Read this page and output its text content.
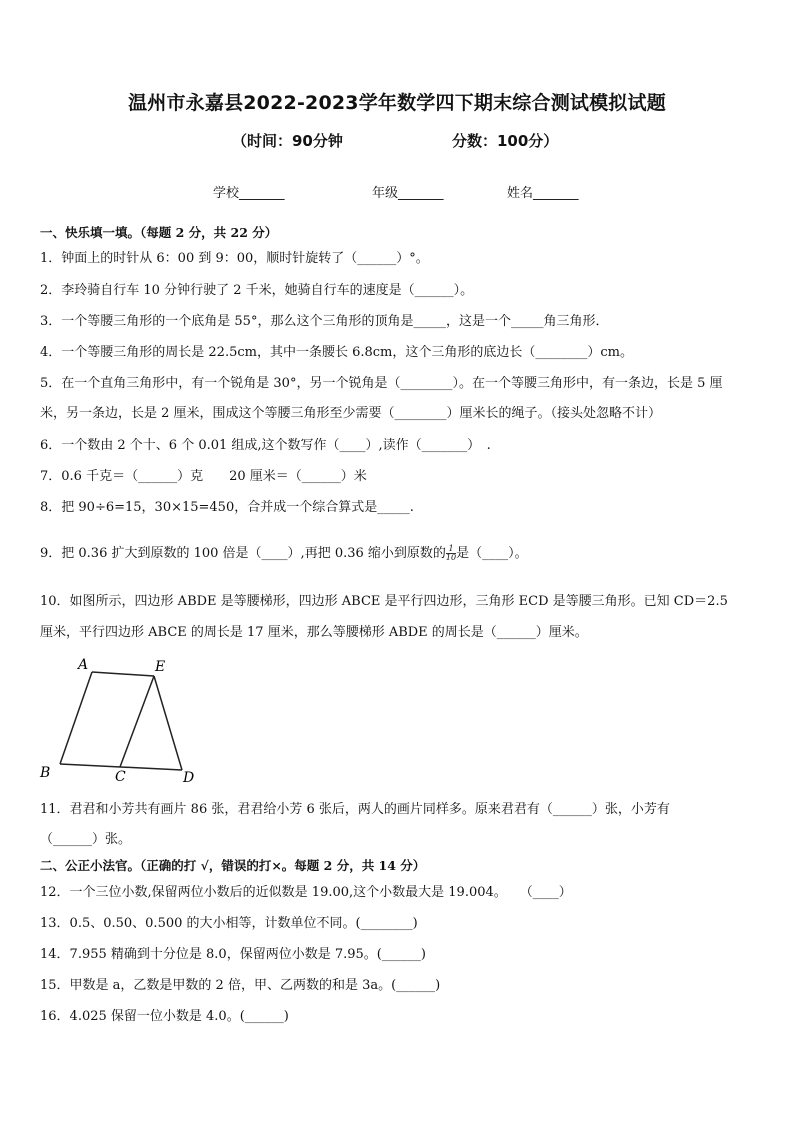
温州市永嘉县2022-2023学年数学四下期末综合测试模拟试题
（时间：90分钟	分数：100分）
学校_______	年级_______	姓名_______
一、快乐填一填。（每题 2 分，共 22 分）
1．钟面上的时针从 6：00 到 9：00，顺时针旋转了（______）°。
2．李玲骑自行车 10 分钟行驶了 2 千米，她骑自行车的速度是（______）。
3．一个等腰三角形的一个底角是 55°，那么这个三角形的顶角是_____，这是一个_____角三角形．
4．一个等腰三角形的周长是 22.5cm，其中一条腰长 6.8cm，这个三角形的底边长（________）cm。
5．在一个直角三角形中，有一个锐角是 30°，另一个锐角是（________）。在一个等腰三角形中，有一条边，长是 5 厘
米，另一条边，长是 2 厘米，围成这个等腰三角形至少需要（________）厘米长的绳子。（接头处忽略不计）
6．一个数由 2 个十、6 个 0.01 组成,这个数写作（____）,读作（_______）　.
7．0.6 千克＝（______）克　　20 厘米＝（______）米
8．把 90÷6=15，30×15=450，合并成一个综合算式是_____.
9．把 0.36 扩大到原数的 100 倍是（____）,再把 0.36 缩小到原数的 $\frac{1}{10}$ 是（____）。
10．如图所示，四边形 ABDE 是等腰梯形，四边形 ABCE 是平行四边形，三角形 ECD 是等腰三角形。已知 CD＝2.5
厘米，平行四边形 ABCE 的周长是 17 厘米，那么等腰梯形 ABDE 的周长是（______）厘米。
A	E
B	C	D
11．君君和小芳共有画片 86 张，君君给小芳 6 张后，两人的画片同样多。原来君君有（______）张，小芳有
（______）张。
二、公正小法官。（正确的打 √，错误的打×。每题 2 分，共 14 分）
12．一个三位小数,保留两位小数后的近似数是 19.00,这个小数最大是 19.004。　　（____）
13．0.5、0.50、0.500 的大小相等，计数单位不同。(________)
14．7.955 精确到十分位是 8.0，保留两位小数是 7.95。(______)
15．甲数是 a，乙数是甲数的 2 倍，甲、乙两数的和是 3a。(______)
16．4.025 保留一位小数是 4.0。(______)
